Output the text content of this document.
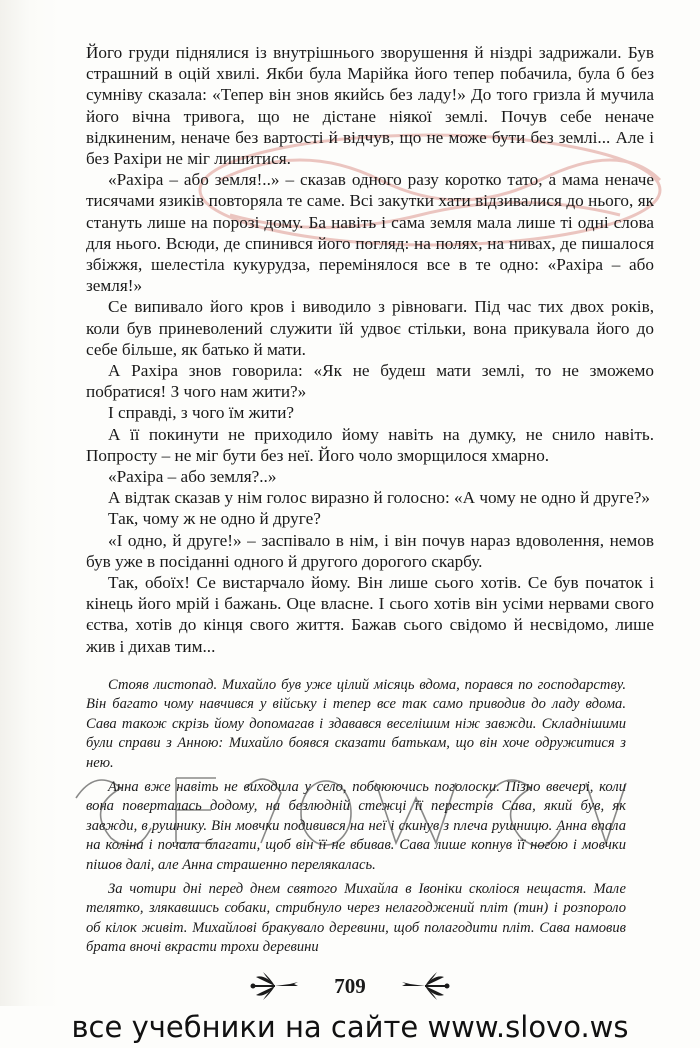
Його груди піднялися із внутрішнього зворушення й ніздрі задрижали. Був страшний в оцій хвилі. Якби була Марійка його тепер побачила, була б без сумніву сказала: «Тепер він знов якийсь без ладу!» До того гризла й мучила його вічна тривога, що не дістане ніякої землі. Почув себе неначе відкиненим, неначе без вартості й відчув, що не може бути без землі... Але і без Рахіри не міг лишитися.

«Рахіра – або земля!..» – сказав одного разу коротко тато, а мама неначе тисячами язиків повторяла те саме. Всі закутки хати відзивалися до нього, як стануть лише на порозі дому. Ба навіть і сама земля мала лише ті одні слова для нього. Всюди, де спинився його погляд: на полях, на нивах, де пишалося збіжжя, шелестіла кукурудза, перемінялося все в те одно: «Рахіра – або земля!»

Се випивало його кров і виводило з рівноваги. Під час тих двох років, коли був приневолений служити їй удвоє стільки, вона прикувала його до себе більше, як батько й мати.

А Рахіра знов говорила: «Як не будеш мати землі, то не зможемо побратися! З чого нам жити?»

І справді, з чого їм жити?

А її покинути не приходило йому навіть на думку, не снило навіть. Попросту – не міг бути без неї. Його чоло зморщилося хмарно.

«Рахіра – або земля?..»

А відтак сказав у нім голос виразно й голосно: «А чому не одно й друге?»

Так, чому ж не одно й друге?

«І одно, й друге!» – заспівало в нім, і він почув нараз вдоволення, немов був уже в посіданні одного й другого дорогого скарбу.

Так, обоїх! Се вистарчало йому. Він лише сього хотів. Се був початок і кінець його мрій і бажань. Оце власне. І сього хотів він усіми нервами свого єства, хотів до кінця свого життя. Бажав сього свідомо й несвідомо, лише жив і дихав тим...

Стояв листопад. Михайло був уже цілий місяць вдома, порався по господарству. Він багато чому навчився у війську і тепер все так само приводив до ладу вдома. Сава також скрізь йому допомагав і здавався веселішим ніж завжди. Складнішими були справи з Анною: Михайло боявся сказати батькам, що він хоче одружитися з нею.

Анна вже навіть не виходила у село, побоюючись поголоски. Пізно ввечері, коли вона поверталась додому, на безлюдній стежці її перестрів Сава, який був, як завжди, в рушнику. Він мовчки подивився на неї і скинув з плеча рушницю. Анна впала на коліна і почала благати, щоб він її не вбивав. Сава лише копнув її ногою і мовчки пішов далі, але Анна страшенно перелякалась.

За чотири дні перед днем святого Михайла в Івоніки сколіося нещастя. Мале телятко, злякавшись собаки, стрибнуло через нелагоджений пліт (тин) і розпороло об кілок живіт. Михайлові бракувало деревини, щоб полагодити пліт. Сава намовив брата вночі вкрасти трохи деревини

709
все учебники на сайте www.slovo.ws
